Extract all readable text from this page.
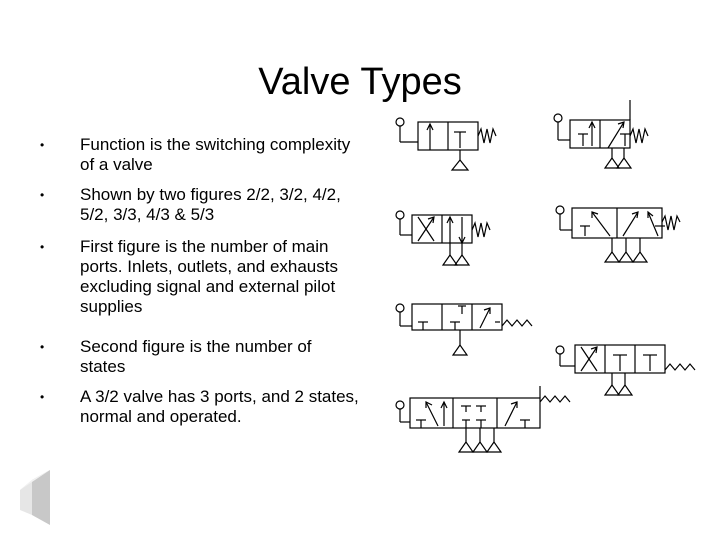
Valve Types
•	Function is the switching complexity of a valve
•	Shown by two figures 2/2, 3/2, 4/2, 5/2, 3/3, 4/3 & 5/3
•	First figure is the number of main ports. Inlets, outlets, and exhausts excluding signal and external pilot supplies
•	Second figure is the number of states
•	A 3/2 valve has 3 ports, and 2 states, normal and operated.
